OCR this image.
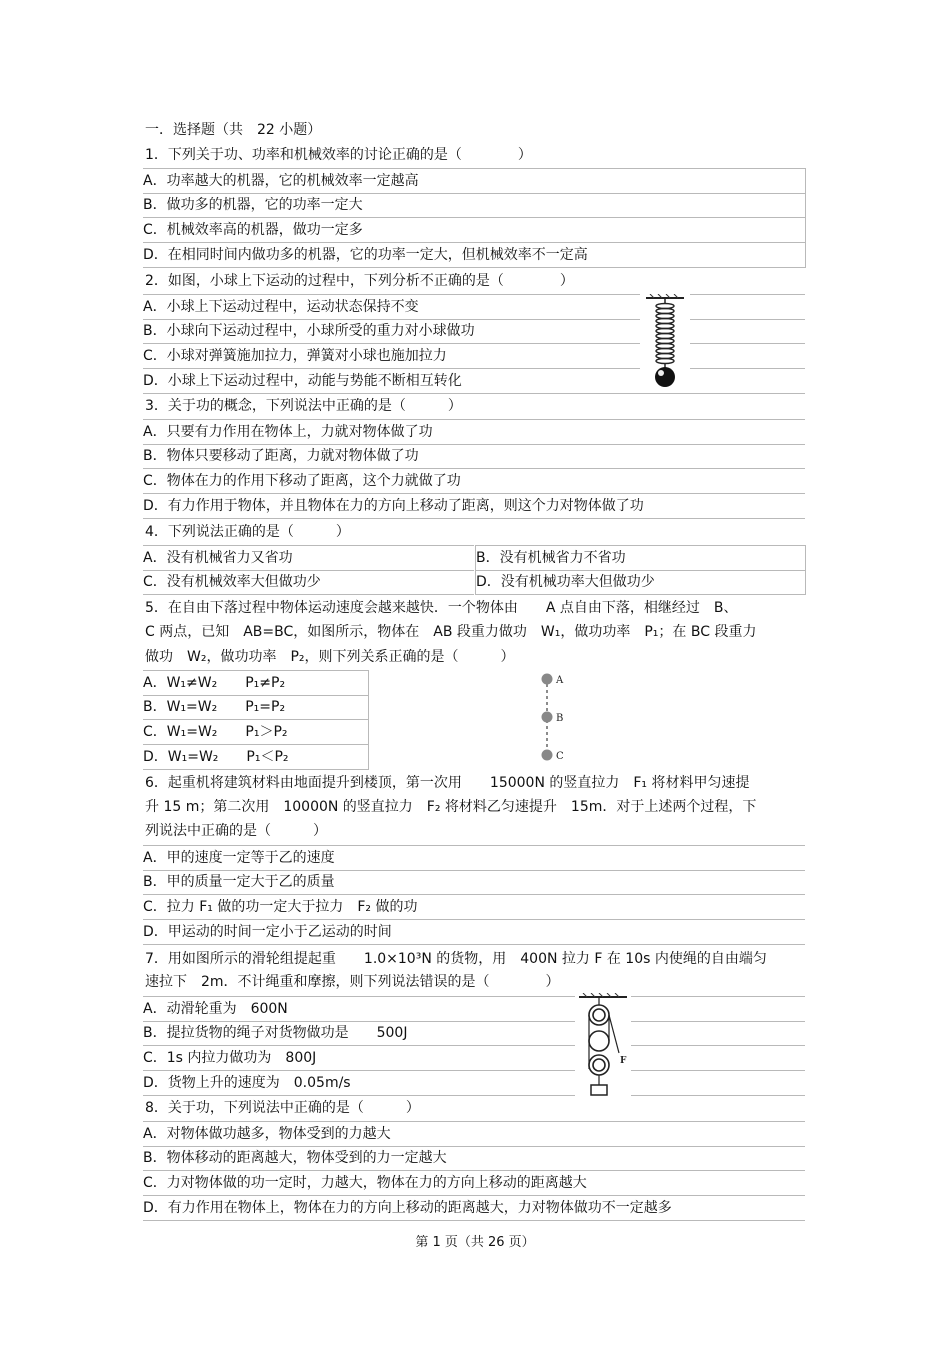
一．选择题（共　22 小题）
1．下列关于功、功率和机械效率的讨论正确的是（　　　　）
A．功率越大的机器，它的机械效率一定越高
B．做功多的机器，它的功率一定大
C．机械效率高的机器，做功一定多
D．在相同时间内做功多的机器，它的功率一定大，但机械效率不一定高
2．如图，小球上下运动的过程中，下列分析不正确的是（　　　　）
A．小球上下运动过程中，运动状态保持不变
B．小球向下运动过程中，小球所受的重力对小球做功
C．小球对弹簧施加拉力，弹簧对小球也施加拉力
D．小球上下运动过程中，动能与势能不断相互转化
3．关于功的概念，下列说法中正确的是（　　　）
A．只要有力作用在物体上，力就对物体做了功
B．物体只要移动了距离，力就对物体做了功
C．物体在力的作用下移动了距离，这个力就做了功
D．有力作用于物体，并且物体在力的方向上移动了距离，则这个力对物体做了功
4．下列说法正确的是（　　　）
A．没有机械省力又省功	B．没有机械省力不省功
C．没有机械效率大但做功少	D．没有机械功率大但做功少
5．在自由下落过程中物体运动速度会越来越快．一个物体由　　A 点自由下落，相继经过　B、
C 两点，已知　AB=BC，如图所示，物体在　AB 段重力做功　W₁，做功功率　P₁；在 BC 段重力
做功　W₂，做功功率　P₂，则下列关系正确的是（　　　）
A．W₁≠W₂　　P₁≠P₂
B．W₁=W₂　　P₁=P₂
C．W₁=W₂　　P₁＞P₂
D．W₁=W₂　　P₁＜P₂
A
B
C
6．起重机将建筑材料由地面提升到楼顶，第一次用　　15000N 的竖直拉力　F₁ 将材料甲匀速提
升 15 m；第二次用　10000N 的竖直拉力　F₂ 将材料乙匀速提升　15m．对于上述两个过程，下
列说法中正确的是（　　　）
A．甲的速度一定等于乙的速度
B．甲的质量一定大于乙的质量
C．拉力 F₁ 做的功一定大于拉力　F₂ 做的功
D．甲运动的时间一定小于乙运动的时间
7．用如图所示的滑轮组提起重　　1.0×10³N 的货物，用　400N 拉力 F 在 10s 内使绳的自由端匀
速拉下　2m．不计绳重和摩擦，则下列说法错误的是（　　　　）
A．动滑轮重为　600N
B．提拉货物的绳子对货物做功是　　500J
C．1s 内拉力做功为　800J
D．货物上升的速度为　0.05m/s
F
8．关于功，下列说法中正确的是（　　　）
A．对物体做功越多，物体受到的力越大
B．物体移动的距离越大，物体受到的力一定越大
C．力对物体做的功一定时，力越大，物体在力的方向上移动的距离越大
D．有力作用在物体上，物体在力的方向上移动的距离越大，力对物体做功不一定越多
第 1 页（共 26 页）
